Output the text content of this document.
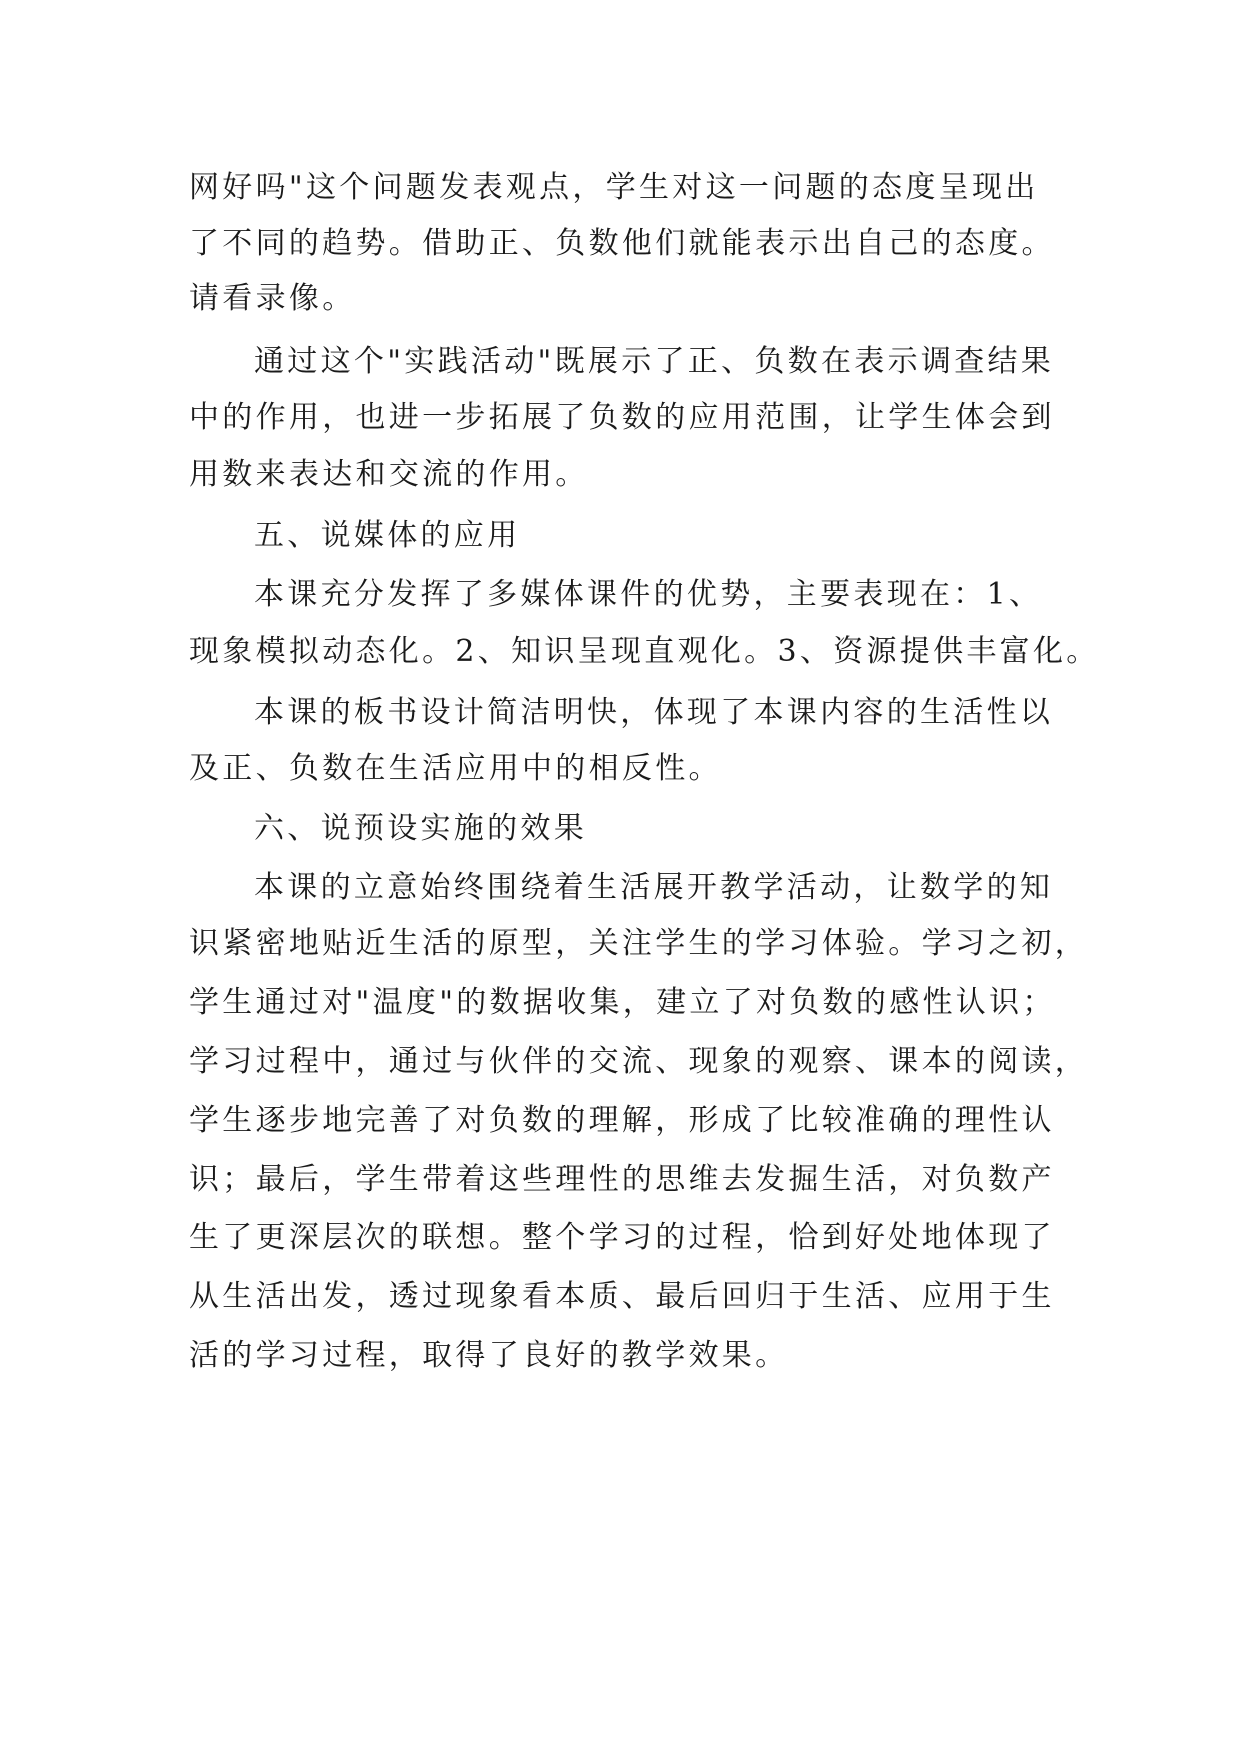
网好吗"这个问题发表观点，学生对这一问题的态度呈现出
了不同的趋势。借助正、负数他们就能表示出自己的态度。
请看录像。
通过这个"实践活动"既展示了正、负数在表示调查结果
中的作用，也进一步拓展了负数的应用范围，让学生体会到
用数来表达和交流的作用。
五、说媒体的应用
本课充分发挥了多媒体课件的优势，主要表现在：1、
现象模拟动态化。2、知识呈现直观化。3、资源提供丰富化。
本课的板书设计简洁明快，体现了本课内容的生活性以
及正、负数在生活应用中的相反性。
六、说预设实施的效果
本课的立意始终围绕着生活展开教学活动，让数学的知
识紧密地贴近生活的原型，关注学生的学习体验。学习之初，
学生通过对"温度"的数据收集，建立了对负数的感性认识；
学习过程中，通过与伙伴的交流、现象的观察、课本的阅读，
学生逐步地完善了对负数的理解，形成了比较准确的理性认
识；最后，学生带着这些理性的思维去发掘生活，对负数产
生了更深层次的联想。整个学习的过程，恰到好处地体现了
从生活出发，透过现象看本质、最后回归于生活、应用于生
活的学习过程，取得了良好的教学效果。
